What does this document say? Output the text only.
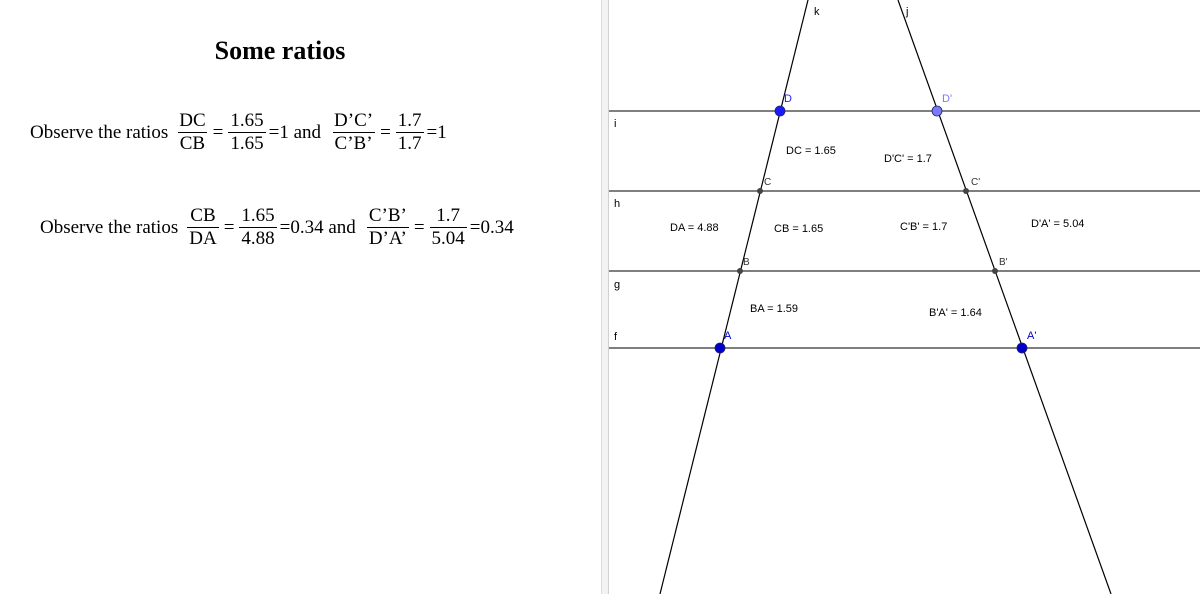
Some ratios
Observe the ratios $\frac{DC}{CB} = \frac{1.65}{1.65} =1$ and $\frac{D’C’}{C’B’} = \frac{1.7}{1.7} =1$
Observe the ratios $\frac{CB}{DA} = \frac{1.65}{4.88} =0.34$ and $\frac{C’B’}{D’A’} = \frac{1.7}{5.04} =0.34$
i
h
g
f
k	j
D	D'
C	C'
B	B'
A	A'
DC = 1.65
D'C' = 1.7
DA = 4.88	CB = 1.65	C'B' = 1.7	D'A' = 5.04
BA = 1.59	B'A' = 1.64
